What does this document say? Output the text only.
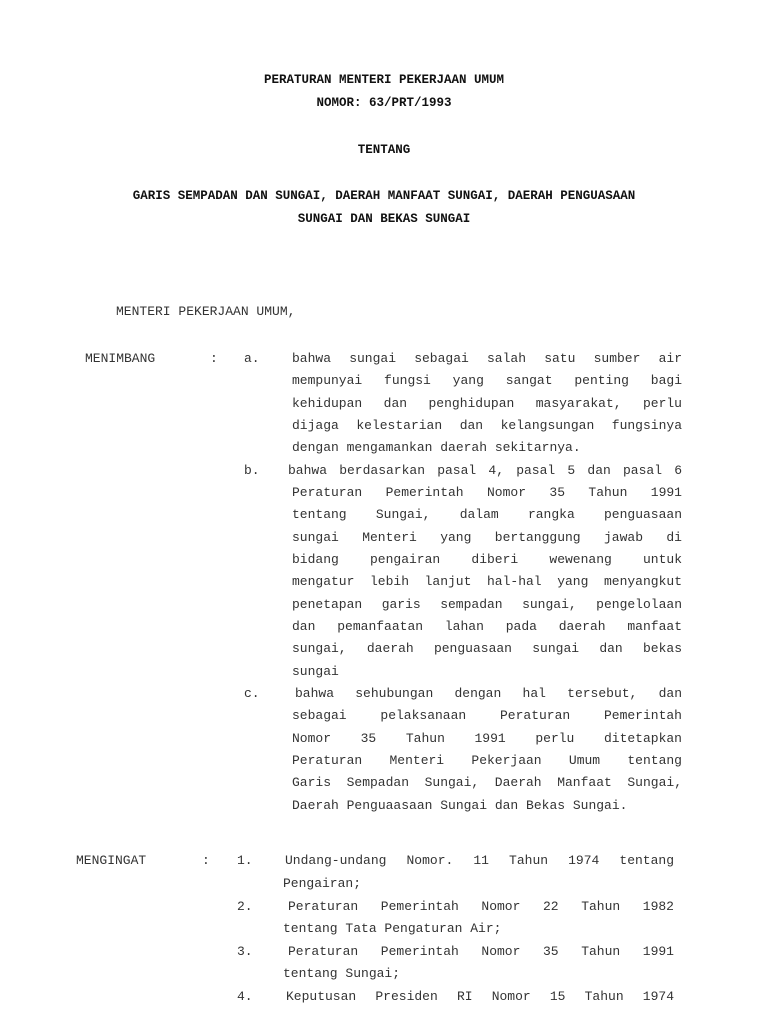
PERATURAN MENTERI PEKERJAAN UMUM
NOMOR: 63/PRT/1993
TENTANG
GARIS SEMPADAN DAN SUNGAI, DAERAH MANFAAT SUNGAI, DAERAH PENGUASAAN
SUNGAI DAN BEKAS SUNGAI
MENTERI PEKERJAAN UMUM,
MENIMBANG	: a. bahwa sungai sebagai salah satu sumber air
mempunyai fungsi yang sangat penting bagi
kehidupan dan penghidupan masyarakat, perlu
dijaga kelestarian dan kelangsungan fungsinya
dengan mengamankan daerah sekitarnya.
b. bahwa berdasarkan pasal 4, pasal 5 dan pasal 6
Peraturan Pemerintah Nomor 35 Tahun 1991
tentang Sungai, dalam rangka penguasaan
sungai Menteri yang bertanggung jawab di
bidang pengairan diberi wewenang untuk
mengatur lebih lanjut hal-hal yang menyangkut
penetapan garis sempadan sungai, pengelolaan
dan pemanfaatan lahan pada daerah manfaat
sungai, daerah penguasaan sungai dan bekas
sungai
c.	bahwa sehubungan dengan hal tersebut, dan
sebagai pelaksanaan Peraturan Pemerintah
Nomor 35 Tahun 1991 perlu ditetapkan
Peraturan Menteri Pekerjaan Umum tentang
Garis Sempadan Sungai, Daerah Manfaat Sungai,
Daerah Penguaasaan Sungai dan Bekas Sungai.
MENGINGAT	: 1. Undang-undang Nomor. 11 Tahun 1974 tentang
Pengairan;
2.	Peraturan Pemerintah Nomor 22 Tahun 1982
tentang Tata Pengaturan Air;
3.	Peraturan Pemerintah Nomor 35 Tahun 1991
tentang Sungai;
4.	Keputusan Presiden RI Nomor 15 Tahun 1974
